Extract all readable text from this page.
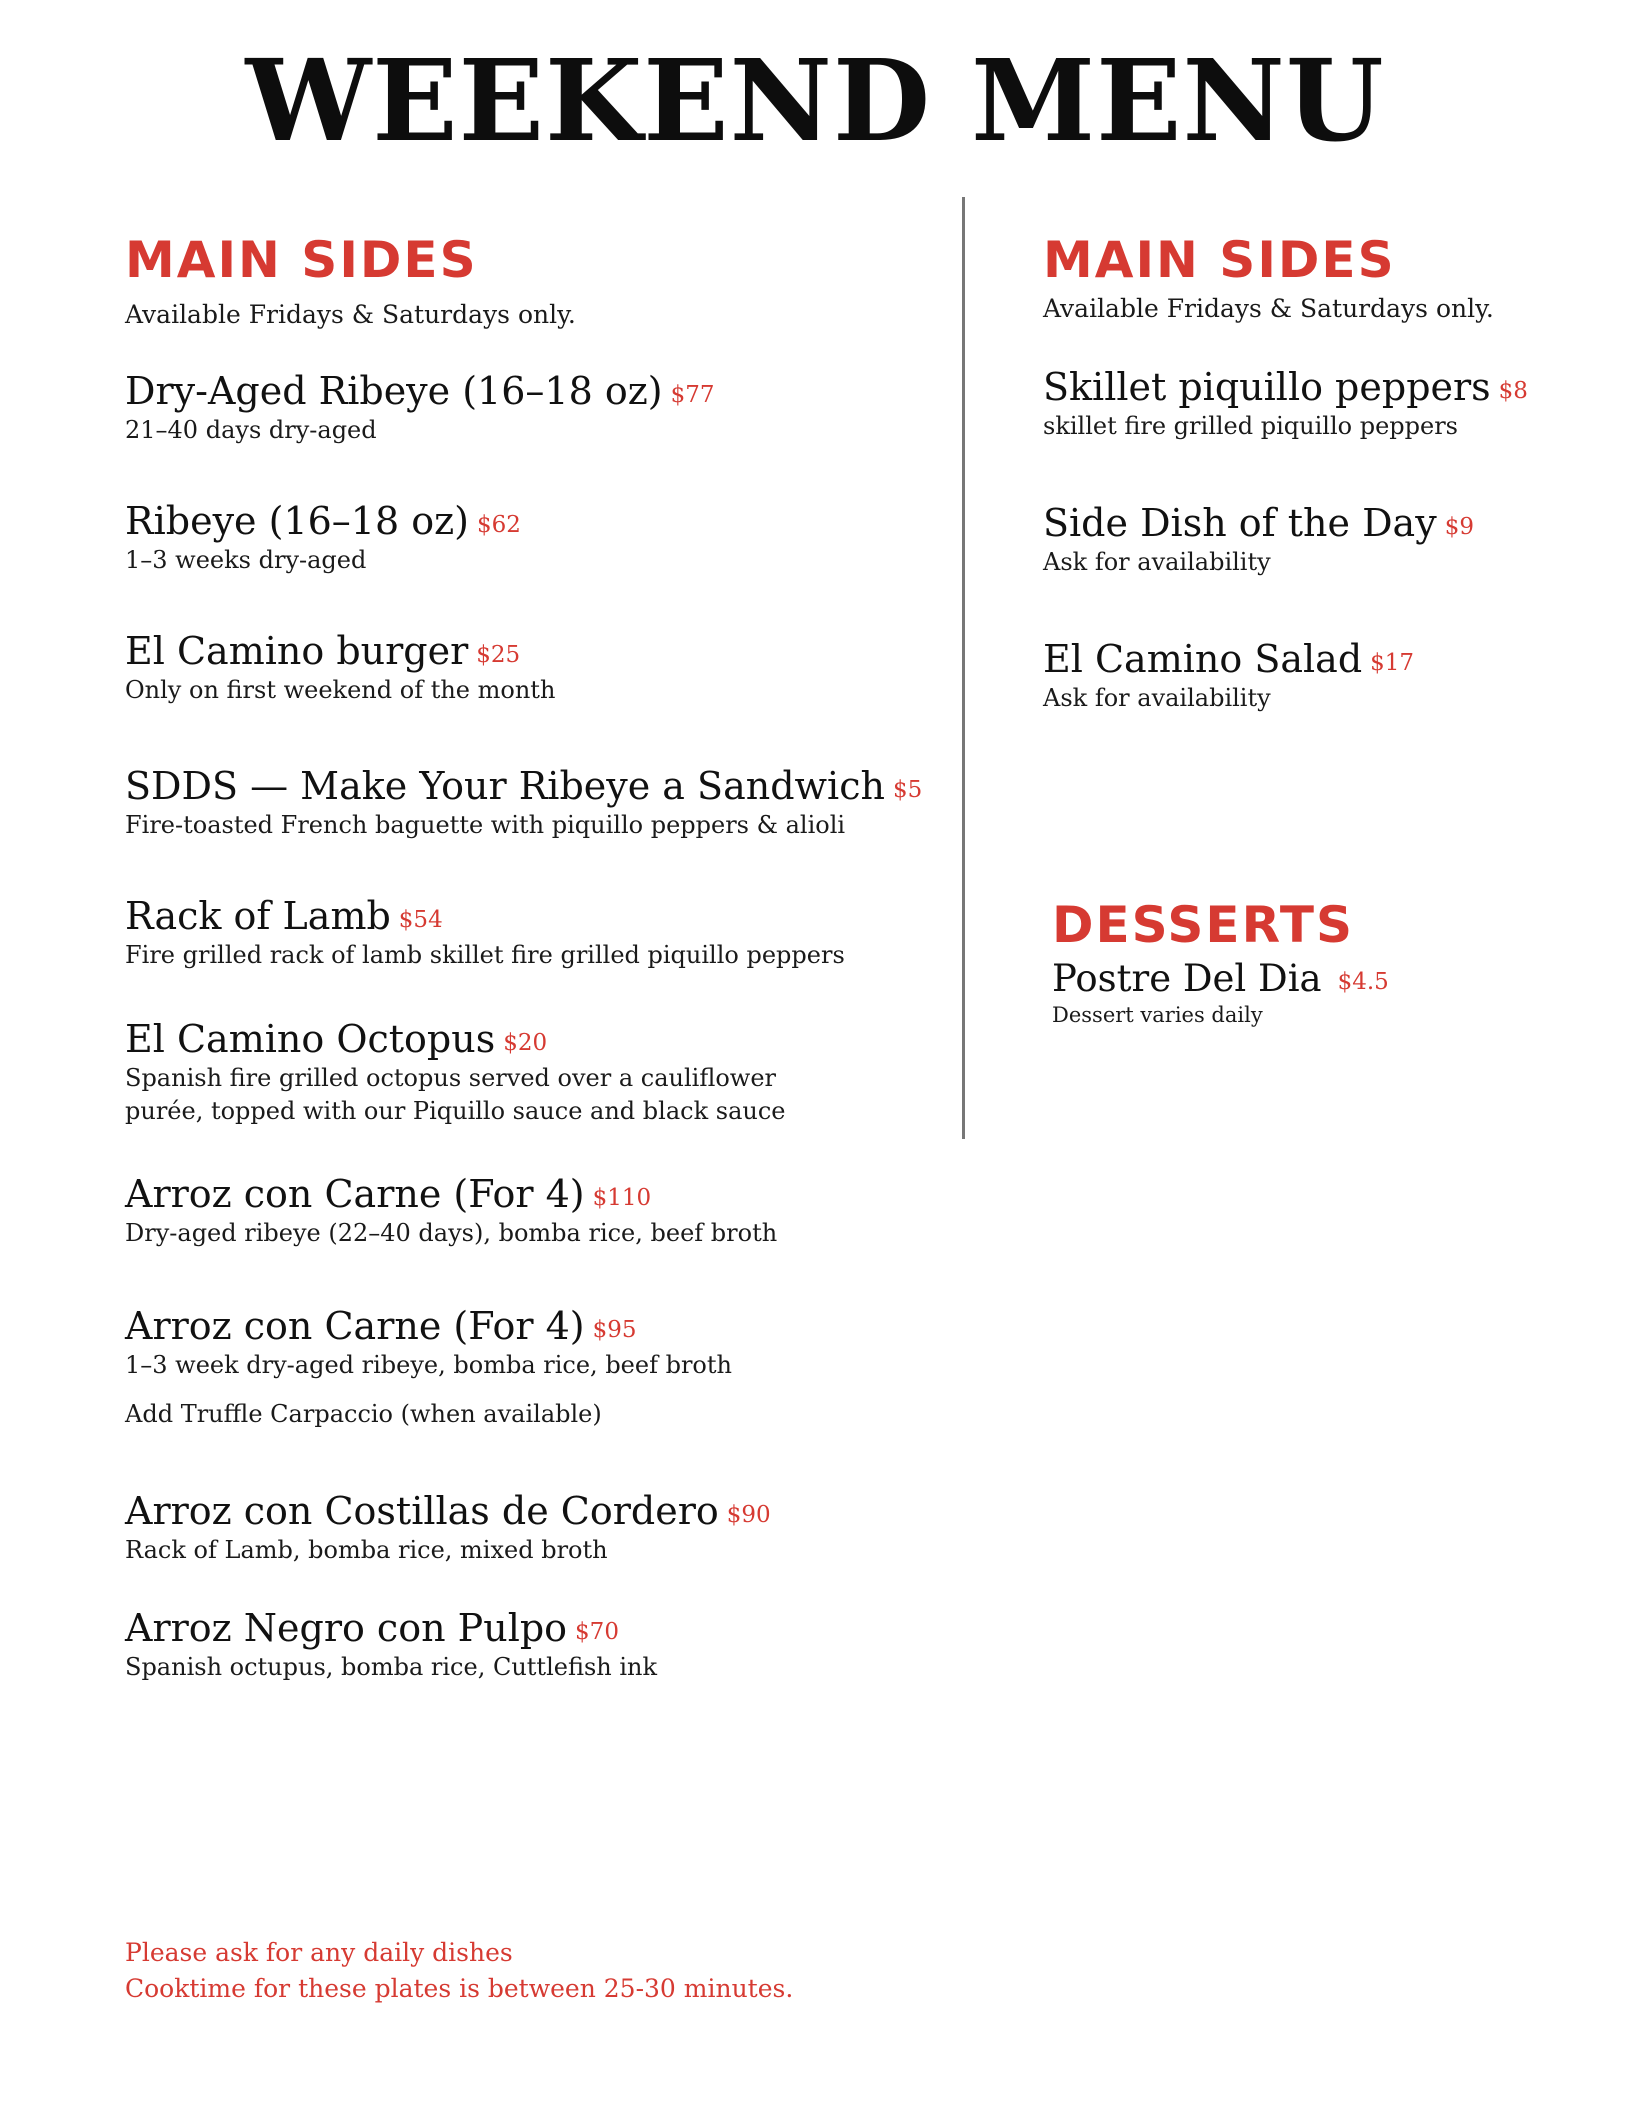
WEEKEND MENU
MAIN SIDES

Available Fridays & Saturdays only.

Dry-Aged Ribeye (16–18 oz) $77
21–40 days dry-aged
Ribeye (16–18 oz) $62
1–3 weeks dry-aged
El Camino burger $25
Only on first weekend of the month
SDDS — Make Your Ribeye a Sandwich $5
Fire-toasted French baguette with piquillo peppers & alioli
Rack of Lamb $54
Fire grilled rack of lamb skillet fire grilled piquillo peppers
El Camino Octopus $20
Spanish fire grilled octopus served over a cauliflower
purée, topped with our Piquillo sauce and black sauce
Arroz con Carne (For 4) $110
Dry-aged ribeye (22–40 days), bomba rice, beef broth
Arroz con Carne (For 4) $95
1–3 week dry-aged ribeye, bomba rice, beef broth

Add Truffle Carpaccio (when available)

Arroz con Costillas de Cordero $90
Rack of Lamb, bomba rice, mixed broth
Arroz Negro con Pulpo $70
Spanish octupus, bomba rice, Cuttlefish ink
MAIN SIDES

Available Fridays & Saturdays only.

Skillet piquillo peppers $8
skillet fire grilled piquillo peppers
Side Dish of the Day $9
Ask for availability
El Camino Salad $17
Ask for availability
DESSERTS
Postre Del Dia $4.5
Dessert varies daily
Please ask for any daily dishes
Cooktime for these plates is between 25-30 minutes.
